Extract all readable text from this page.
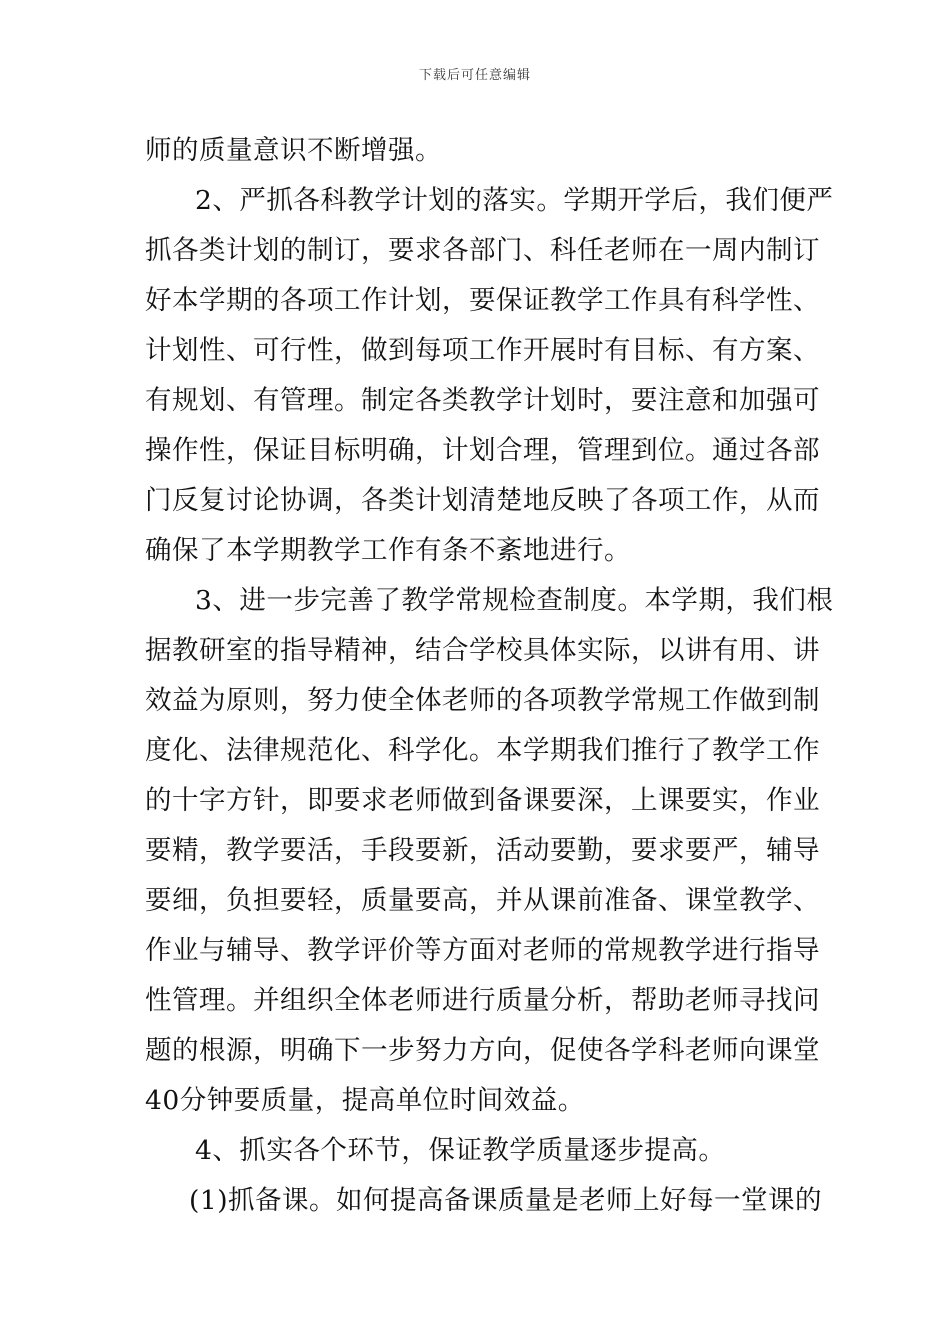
下载后可任意编辑
师的质量意识不断增强。
2、严抓各科教学计划的落实。学期开学后，我们便严
抓各类计划的制订，要求各部门、科任老师在一周内制订
好本学期的各项工作计划，要保证教学工作具有科学性、
计划性、可行性，做到每项工作开展时有目标、有方案、
有规划、有管理。制定各类教学计划时，要注意和加强可
操作性，保证目标明确，计划合理，管理到位。通过各部
门反复讨论协调，各类计划清楚地反映了各项工作，从而
确保了本学期教学工作有条不紊地进行。
3、进一步完善了教学常规检查制度。本学期，我们根
据教研室的指导精神，结合学校具体实际，以讲有用、讲
效益为原则，努力使全体老师的各项教学常规工作做到制
度化、法律规范化、科学化。本学期我们推行了教学工作
的十字方针，即要求老师做到备课要深，上课要实，作业
要精，教学要活，手段要新，活动要勤，要求要严，辅导
要细，负担要轻，质量要高，并从课前准备、课堂教学、
作业与辅导、教学评价等方面对老师的常规教学进行指导
性管理。并组织全体老师进行质量分析，帮助老师寻找问
题的根源，明确下一步努力方向，促使各学科老师向课堂
40分钟要质量，提高单位时间效益。
4、抓实各个环节，保证教学质量逐步提高。
(1)抓备课。如何提高备课质量是老师上好每一堂课的
